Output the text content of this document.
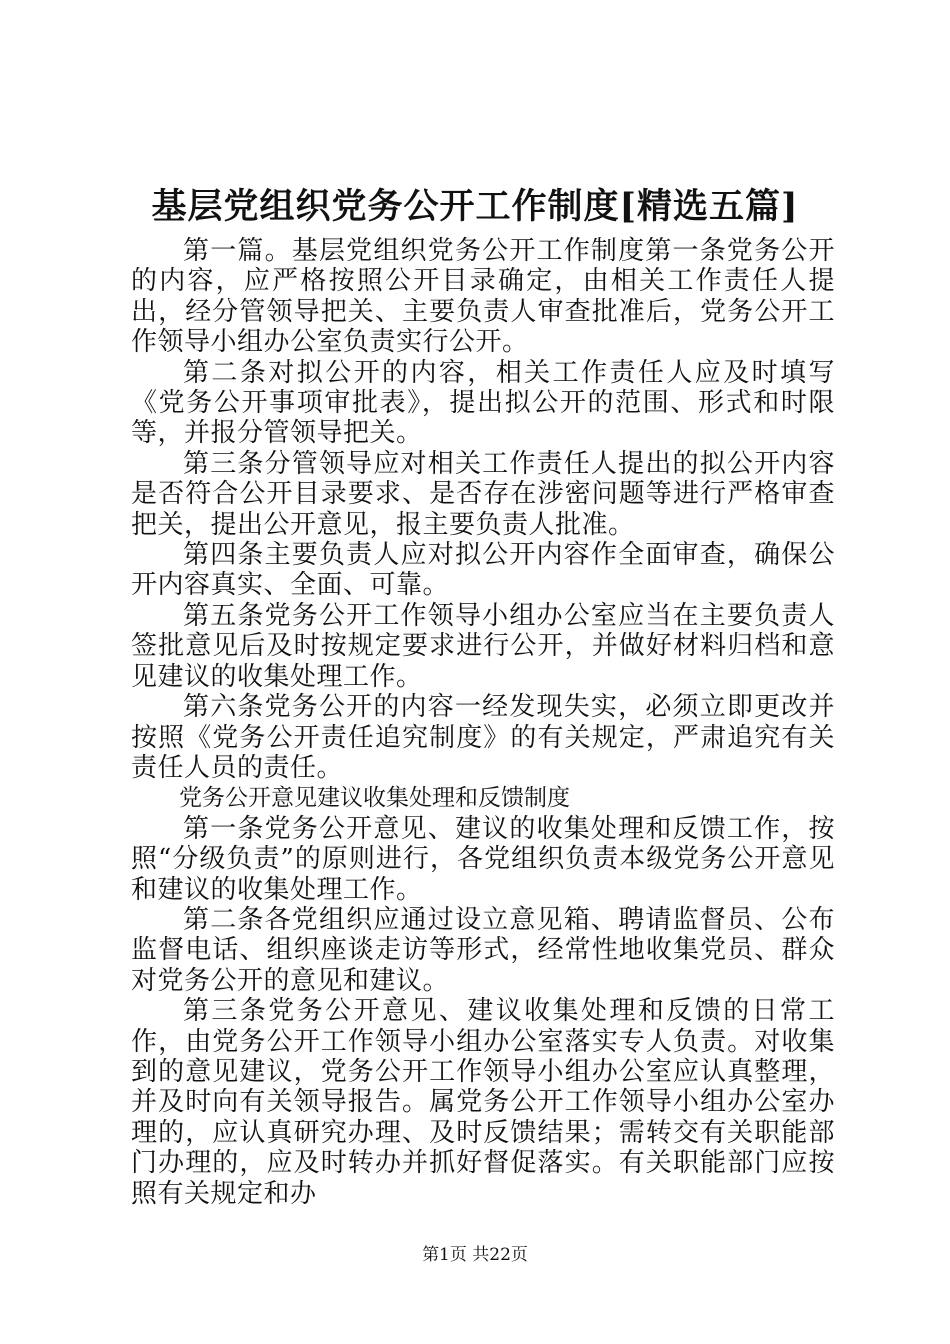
基层党组织党务公开工作制度[精选五篇]

第一篇。基层党组织党务公开工作制度第一条党务公开的内容，应严格按照公开目录确定，由相关工作责任人提出，经分管领导把关、主要负责人审查批准后，党务公开工作领导小组办公室负责实行公开。

第二条对拟公开的内容，相关工作责任人应及时填写《党务公开事项审批表》，提出拟公开的范围、形式和时限等，并报分管领导把关。

第三条分管领导应对相关工作责任人提出的拟公开内容是否符合公开目录要求、是否存在涉密问题等进行严格审查把关，提出公开意见，报主要负责人批准。

第四条主要负责人应对拟公开内容作全面审查，确保公开内容真实、全面、可靠。

第五条党务公开工作领导小组办公室应当在主要负责人签批意见后及时按规定要求进行公开，并做好材料归档和意见建议的收集处理工作。

第六条党务公开的内容一经发现失实，必须立即更改并按照《党务公开责任追究制度》的有关规定，严肃追究有关责任人员的责任。

党务公开意见建议收集处理和反馈制度

第一条党务公开意见、建议的收集处理和反馈工作，按照“分级负责”的原则进行，各党组织负责本级党务公开意见和建议的收集处理工作。

第二条各党组织应通过设立意见箱、聘请监督员、公布监督电话、组织座谈走访等形式，经常性地收集党员、群众对党务公开的意见和建议。

第三条党务公开意见、建议收集处理和反馈的日常工作，由党务公开工作领导小组办公室落实专人负责。对收集到的意见建议，党务公开工作领导小组办公室应认真整理，并及时向有关领导报告。属党务公开工作领导小组办公室办理的，应认真研究办理、及时反馈结果；需转交有关职能部门办理的，应及时转办并抓好督促落实。有关职能部门应按照有关规定和办

第1页 共22页
